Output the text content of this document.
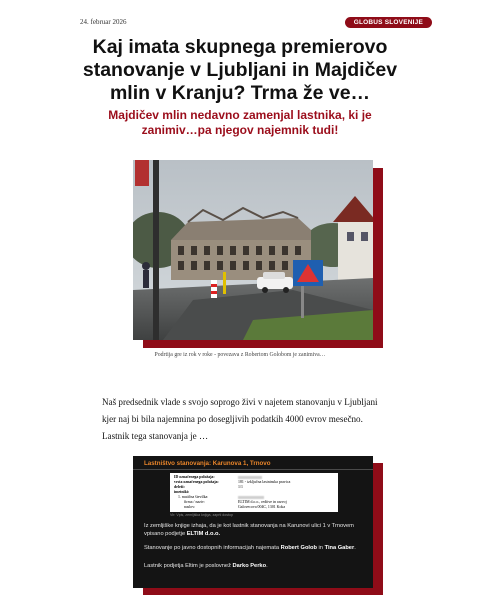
24. februar 2026	GLOBUS SLOVENIJE
Kaj imata skupnega premierovo stanovanje v Ljubljani in Majdičev mlin v Kranju? Trma že ve…
Majdičev mlin nedavno zamenjal lastnika, ki je zanimiv…pa njegov najemnik tudi!
Podrtija gre iz rok v roke - povezava z Robertom Golobom je zanimiva…
Naš predsednik vlade s svojo soprogo živi v najetem stanovanju v Ljubljani kjer naj bi bila najemnina po dosegljivih podatkih 4000 evrov mesečno. Lastnik tega stanovanja je …
Lastništvo stanovanja: Karunova 1, Trnovo
ID označenega položaja:
vrsta označenega položaja:	181 - izključna lastninska pravica
deleži:	1/1
imetniki:
1. matična številka:
firma / naziv:	ELTIM d.o.o., reditve in razvoj
naslov:	Galovecova 004C, 1301 Koka
Vir: Vpis, zemljiška knjiga, zaprti dostop
Iz zemljiške knjige izhaja, da je kot lastnik stanovanja na Karunovi ulici 1 v Trnovem vpisano podjetje ELTIM d.o.o.
Stanovanje po javno dostopnih informacijah najemata Robert Golob in Tina Gaber.
Lastnik podjetja Eltim je poslovnež Darko Perko.
